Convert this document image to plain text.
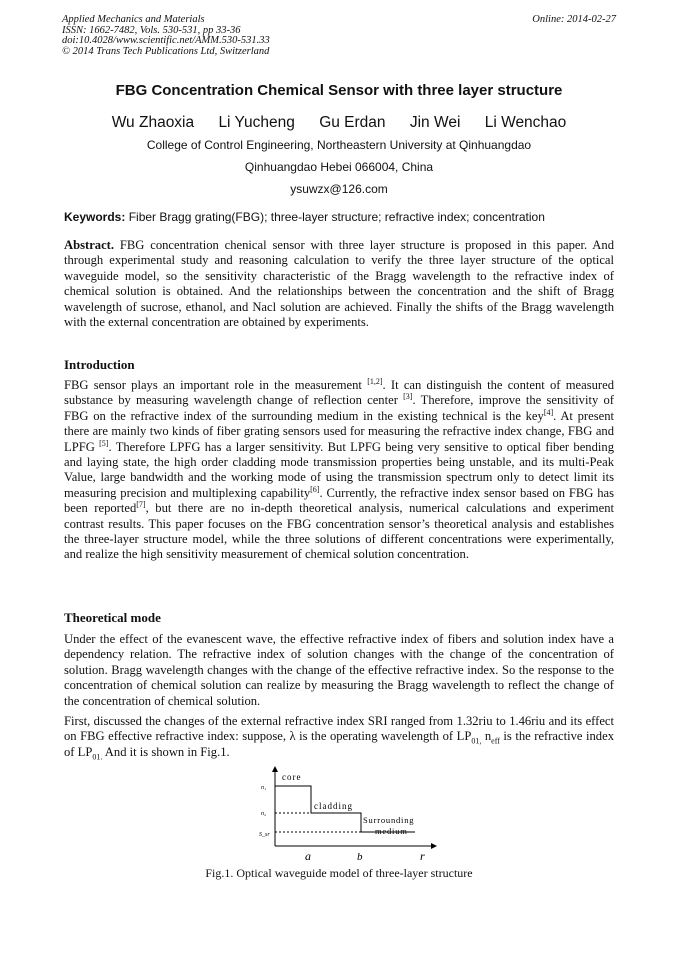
Applied Mechanics and Materials
ISSN: 1662-7482, Vols. 530-531, pp 33-36
doi:10.4028/www.scientific.net/AMM.530-531.33
© 2014 Trans Tech Publications Ltd, Switzerland
Online: 2014-02-27
FBG Concentration Chemical Sensor with three layer structure
Wu Zhaoxia Li Yucheng Gu Erdan Jin Wei Li Wenchao
College of Control Engineering, Northeastern University at Qinhuangdao
Qinhuangdao Hebei 066004, China
ysuwzx@126.com
Keywords: Fiber Bragg grating(FBG); three-layer structure; refractive index; concentration

Abstract. FBG concentration chenical sensor with three layer structure is proposed in this paper. And through experimental study and reasoning calculation to verify the three layer structure of the optical waveguide model, so the sensitivity characteristic of the Bragg wavelength to the refractive index of chemical solution is obtained. And the relationships between the concentration and the shift of Bragg wavelength of sucrose, ethanol, and Nacl solution are achieved. Finally the shifts of the Bragg wavelength with the external concentration are obtained by experiments.

Introduction

FBG sensor plays an important role in the measurement [1,2]. It can distinguish the content of measured substance by measuring wavelength change of reflection center [3]. Therefore, improve the sensitivity of FBG on the refractive index of the surrounding medium in the existing technical is the key[4]. At present there are mainly two kinds of fiber grating sensors used for measuring the refractive index change, FBG and LPFG [5]. Therefore LPFG has a larger sensitivity. But LPFG being very sensitive to optical fiber bending and laying state, the high order cladding mode transmission properties being unstable, and its multi-Peak Value, large bandwidth and the working mode of using the transmission spectrum only to detect limit its measuring precision and multiplexing capability[6]. Currently, the refractive index sensor based on FBG has been reported[7], but there are no in-depth theoretical analysis, numerical calculations and experiment contrast results. This paper focuses on the FBG concentration sensor’s theoretical analysis and establishes the three-layer structure model, while the three solutions of different concentrations were experimentally, and realize the high sensitivity measurement of chemical solution concentration.

Theoretical mode

Under the effect of the evanescent wave, the effective refractive index of fibers and solution index have a dependency relation. The refractive index of solution changes with the change of the concentration of solution. Bragg wavelength changes with the change of the effective refractive index. So the response to the concentration of chemical solution can realize by measuring the Bragg wavelength to reflect the change of the concentration of chemical solution.

First, discussed the changes of the external refractive index SRI ranged from 1.32riu to 1.46riu and its effect on FBG effective refractive index: suppose, λ is the operating wavelength of $LP_{01,}$ $n_{eff}$ is the refractive index of $LP_{01.}$ And it is shown in Fig.1.

core
cladding
Surrounding
medium
n₁
n₂
S_sr
a	b	r
Fig.1. Optical waveguide model of three-layer structure
